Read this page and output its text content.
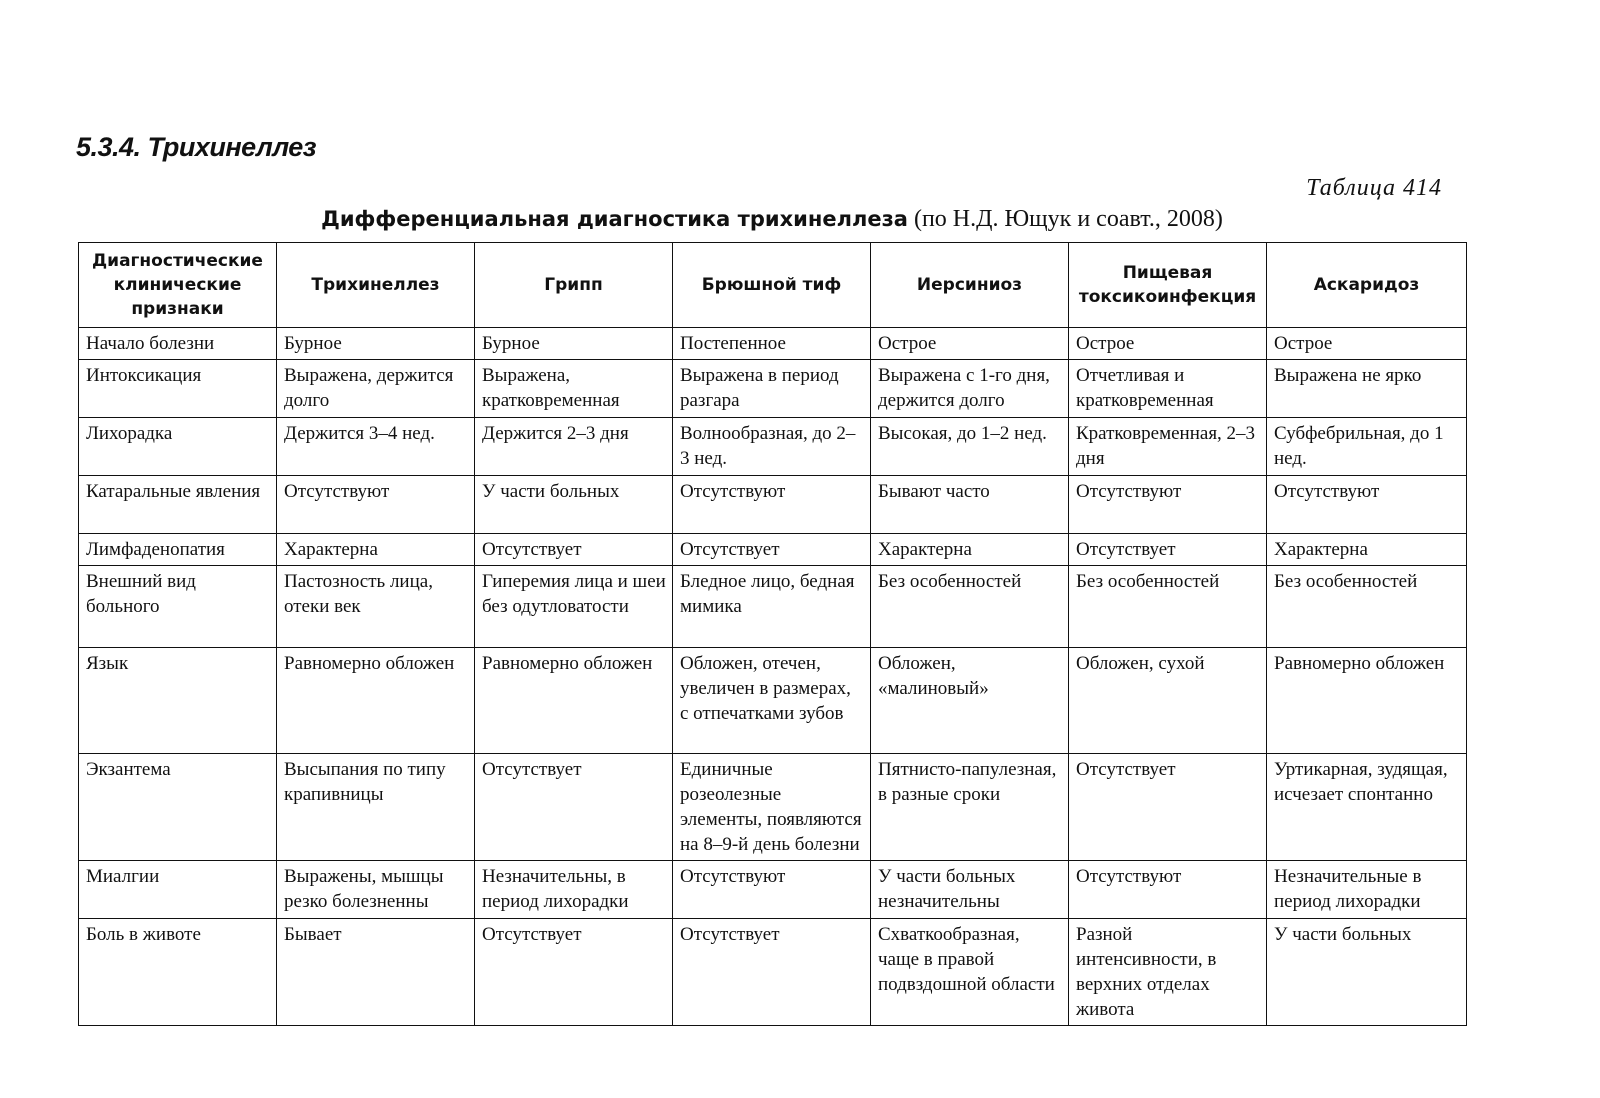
5.3.4. Трихинеллез
Таблица 414
Дифференциальная диагностика трихинеллеза (по Н.Д. Ющук и соавт., 2008)
Диагностические клинические признаки	Трихинеллез	Грипп	Брюшной тиф	Иерсиниоз	Пищевая токсикоинфекция	Аскаридоз
Начало болезни	Бурное	Бурное	Постепенное	Острое	Острое	Острое
Интоксикация	Выражена, держится долго	Выражена, кратковременная	Выражена в период разгара	Выражена с 1-го дня, держится долго	Отчетливая и кратковременная	Выражена не ярко
Лихорадка	Держится 3–4 нед.	Держится 2–3 дня	Волнообразная, до 2–3 нед.	Высокая, до 1–2 нед.	Кратковременная, 2–3 дня	Субфебрильная, до 1 нед.
Катаральные явления	Отсутствуют	У части больных	Отсутствуют	Бывают часто	Отсутствуют	Отсутствуют
Лимфаденопатия	Характерна	Отсутствует	Отсутствует	Характерна	Отсутствует	Характерна
Внешний вид больного	Пастозность лица, отеки век	Гиперемия лица и шеи без одутловатости	Бледное лицо, бедная мимика	Без особенностей	Без особенностей	Без особенностей
Язык	Равномерно обложен	Равномерно обложен	Обложен, отечен, увеличен в размерах, с отпечатками зубов	Обложен, «малиновый»	Обложен, сухой	Равномерно обложен
Экзантема	Высыпания по типу крапивницы	Отсутствует	Единичные розеолезные элементы, появляются на 8–9-й день болезни	Пятнисто-папулезная, в разные сроки	Отсутствует	Уртикарная, зудящая, исчезает спонтанно
Миалгии	Выражены, мышцы резко болезненны	Незначительны, в период лихорадки	Отсутствуют	У части больных незначительны	Отсутствуют	Незначительные в период лихорадки
Боль в животе	Бывает	Отсутствует	Отсутствует	Схваткообразная, чаще в правой подвздошной области	Разной интенсивности, в верхних отделах живота	У части больных
